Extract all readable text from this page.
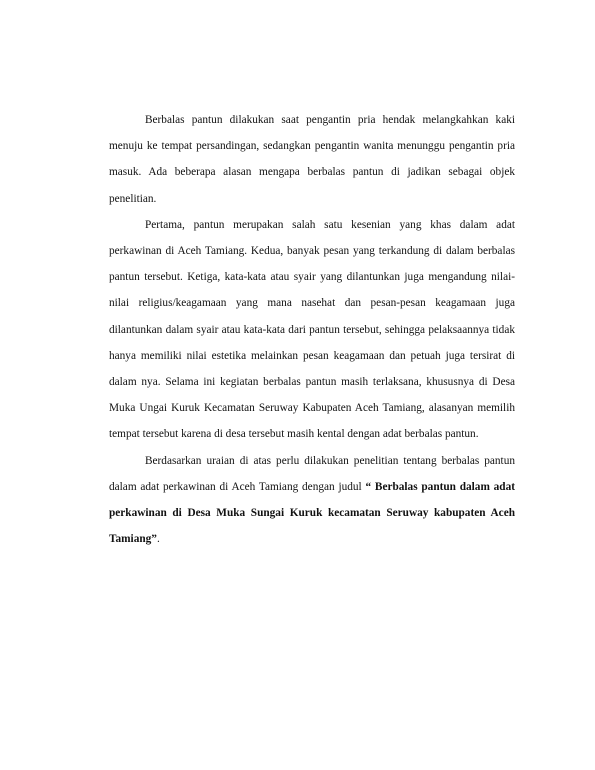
Berbalas pantun dilakukan saat pengantin pria hendak melangkahkan kaki menuju ke tempat persandingan, sedangkan pengantin wanita menunggu pengantin pria masuk. Ada beberapa alasan mengapa berbalas pantun di jadikan sebagai objek penelitian.

Pertama, pantun merupakan salah satu kesenian yang khas dalam adat perkawinan di Aceh Tamiang. Kedua, banyak pesan yang terkandung di dalam berbalas pantun tersebut. Ketiga, kata-kata atau syair yang dilantunkan juga mengandung nilai-nilai religius/keagamaan yang mana nasehat dan pesan-pesan keagamaan juga dilantunkan dalam syair atau kata-kata dari pantun tersebut, sehingga pelaksaannya tidak hanya memiliki nilai estetika melainkan pesan keagamaan dan petuah juga tersirat di dalam nya. Selama ini kegiatan berbalas pantun masih terlaksana, khususnya di Desa Muka Ungai Kuruk Kecamatan Seruway Kabupaten Aceh Tamiang, alasanyan memilih tempat tersebut karena di desa tersebut masih kental dengan adat berbalas pantun.

Berdasarkan uraian di atas perlu dilakukan penelitian tentang berbalas pantun dalam adat perkawinan di Aceh Tamiang dengan judul “ Berbalas pantun dalam adat perkawinan di Desa Muka Sungai Kuruk kecamatan Seruway kabupaten Aceh Tamiang”.
